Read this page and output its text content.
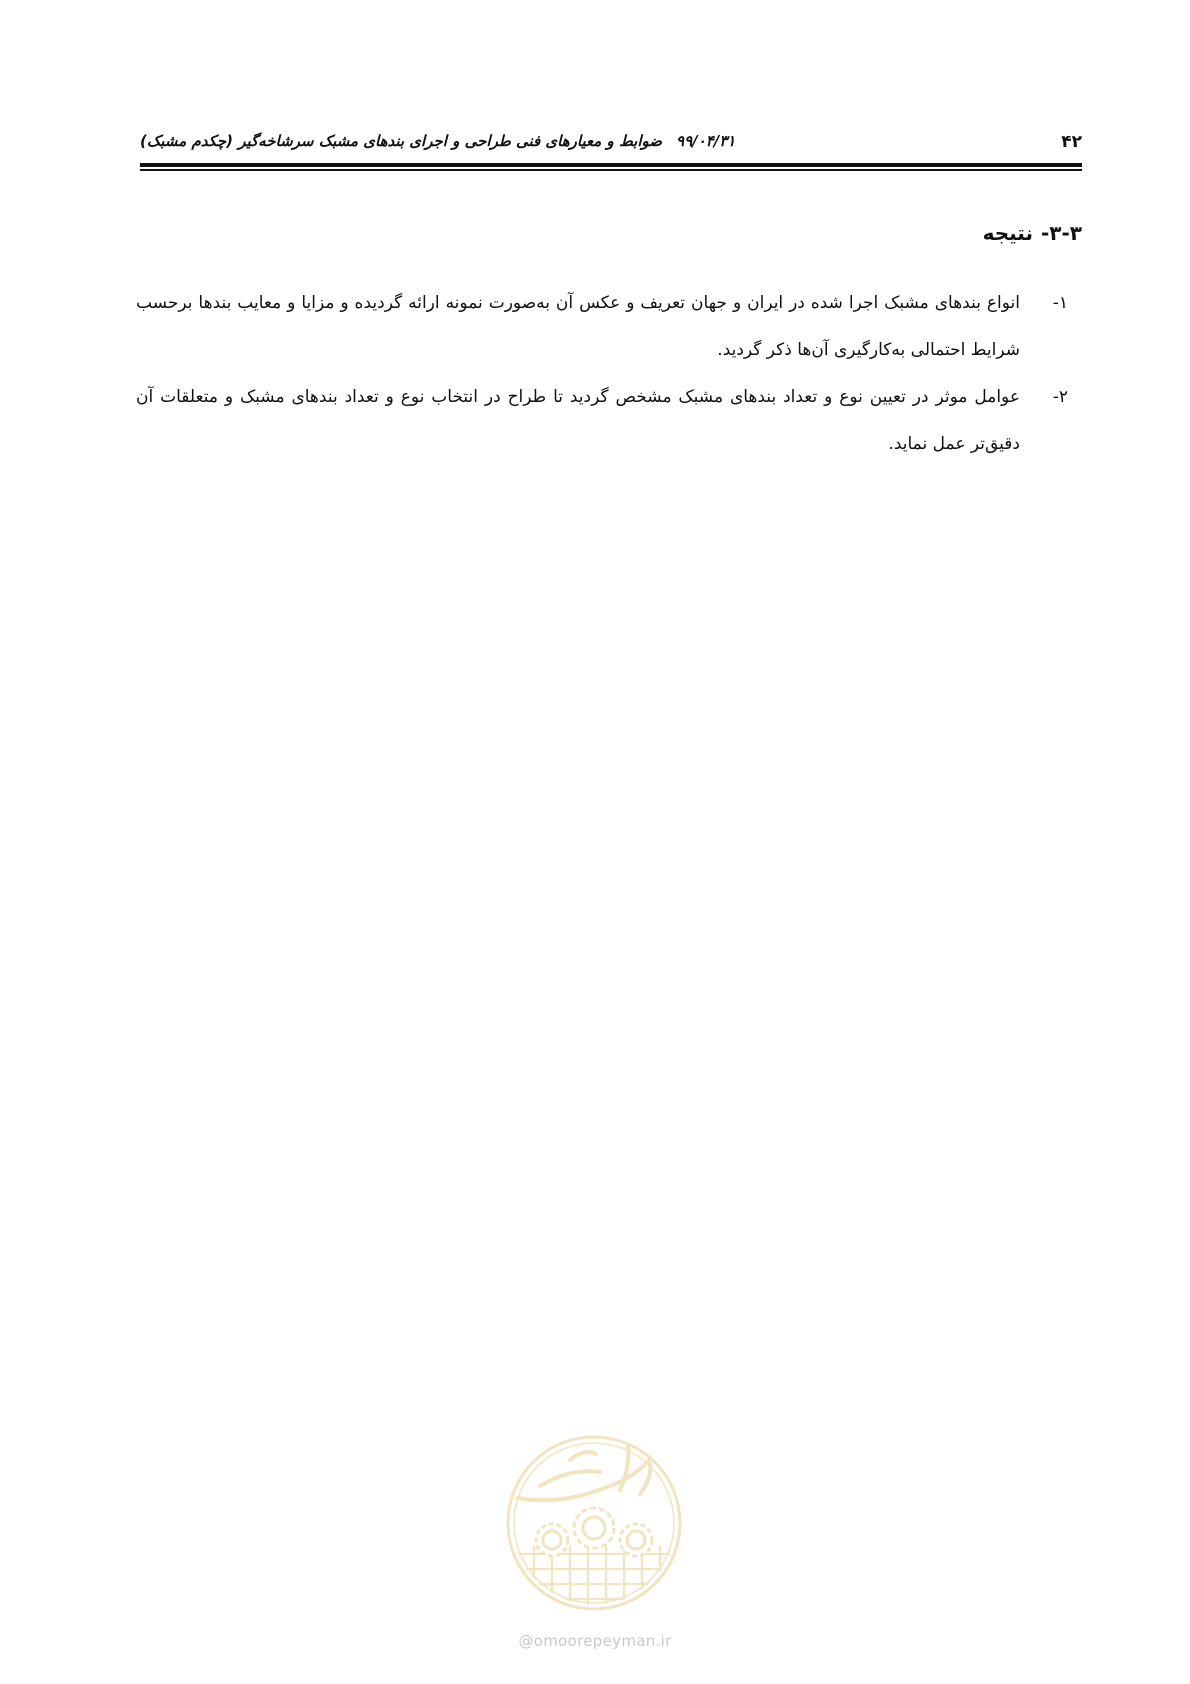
۴۲
۹۹/۰۴/۳۱ضوابط و معیارهای فنی طراحی و اجرای بندهای مشبک سرشاخه‌گیر (چکدم مشبک)
۳-۳-نتیجه
۱-
انواع بندهای مشبک اجرا شده در ایران و جهان تعریف و عکس آن به‌صورت نمونه ارائه گردیده و مزایا و معایب بندها برحسب شرایط احتمالی به‌کارگیری آن‌ها ذکر گردید.
۲-
عوامل موثر در تعیین نوع و تعداد بندهای مشبک مشخص گردید تا طراح در انتخاب نوع و تعداد بندهای مشبک و متعلقات آن دقیق‌تر عمل نماید.
@omoorepeyman.ir
